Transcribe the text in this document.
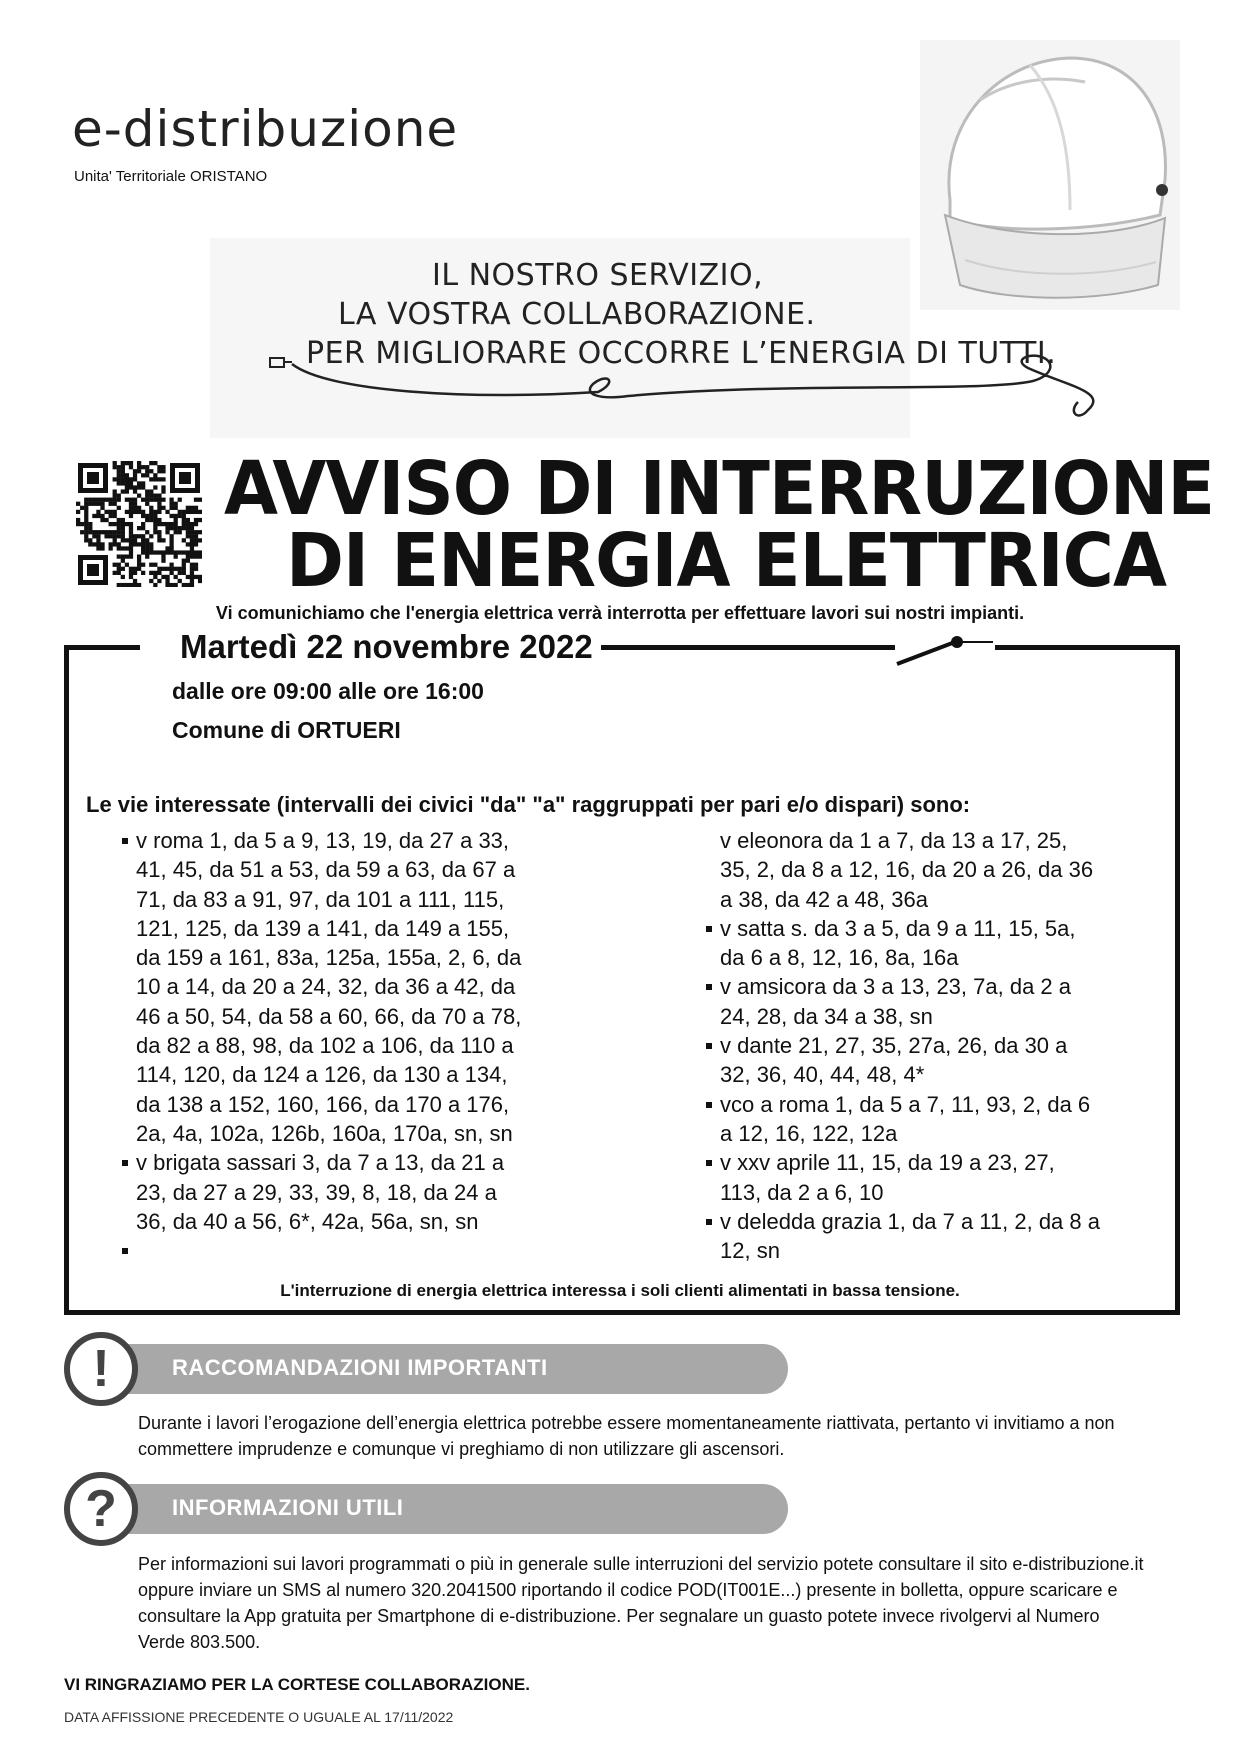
e-distribuzione
Unita' Territoriale ORISTANO
IL NOSTRO SERVIZIO,
LA VOSTRA COLLABORAZIONE.
PER MIGLIORARE OCCORRE L’ENERGIA DI TUTTI.
AVVISO DI INTERRUZIONE
DI ENERGIA ELETTRICA
Vi comunichiamo che l'energia elettrica verrà interrotta per effettuare lavori sui nostri impianti.
Martedì 22 novembre 2022
dalle ore 09:00 alle ore 16:00
Comune di ORTUERI
Le vie interessate (intervalli dei civici "da" "a" raggruppati per pari e/o dispari) sono:
v roma 1, da 5 a 9, 13, 19, da 27 a 33,
41, 45, da 51 a 53, da 59 a 63, da 67 a
71, da 83 a 91, 97, da 101 a 111, 115,
121, 125, da 139 a 141, da 149 a 155,
da 159 a 161, 83a, 125a, 155a, 2, 6, da
10 a 14, da 20 a 24, 32, da 36 a 42, da
46 a 50, 54, da 58 a 60, 66, da 70 a 78,
da 82 a 88, 98, da 102 a 106, da 110 a
114, 120, da 124 a 126, da 130 a 134,
da 138 a 152, 160, 166, da 170 a 176,
2a, 4a, 102a, 126b, 160a, 170a, sn, sn
v brigata sassari 3, da 7 a 13, da 21 a
23, da 27 a 29, 33, 39, 8, 18, da 24 a
36, da 40 a 56, 6*, 42a, 56a, sn, sn

v eleonora da 1 a 7, da 13 a 17, 25,
35, 2, da 8 a 12, 16, da 20 a 26, da 36
a 38, da 42 a 48, 36a
v satta s. da 3 a 5, da 9 a 11, 15, 5a,
da 6 a 8, 12, 16, 8a, 16a
v amsicora da 3 a 13, 23, 7a, da 2 a
24, 28, da 34 a 38, sn
v dante 21, 27, 35, 27a, 26, da 30 a
32, 36, 40, 44, 48, 4*
vco a roma 1, da 5 a 7, 11, 93, 2, da 6
a 12, 16, 122, 12a
v xxv aprile 11, 15, da 19 a 23, 27,
113, da 2 a 6, 10
v deledda grazia 1, da 7 a 11, 2, da 8 a
12, sn
L'interruzione di energia elettrica interessa i soli clienti alimentati in bassa tensione.
RACCOMANDAZIONI IMPORTANTI
!
Durante i lavori l’erogazione dell’energia elettrica potrebbe essere momentaneamente riattivata, pertanto vi invitiamo a non commettere imprudenze e comunque vi preghiamo di non utilizzare gli ascensori.
INFORMAZIONI UTILI
?
Per informazioni sui lavori programmati o più in generale sulle interruzioni del servizio potete consultare il sito e-distribuzione.it oppure inviare un SMS al numero 320.2041500 riportando il codice POD(IT001E...) presente in bolletta, oppure scaricare e consultare la App gratuita per Smartphone di e-distribuzione. Per segnalare un guasto potete invece rivolgervi al Numero Verde 803.500.
VI RINGRAZIAMO PER LA CORTESE COLLABORAZIONE.
DATA AFFISSIONE PRECEDENTE O UGUALE AL 17/11/2022
